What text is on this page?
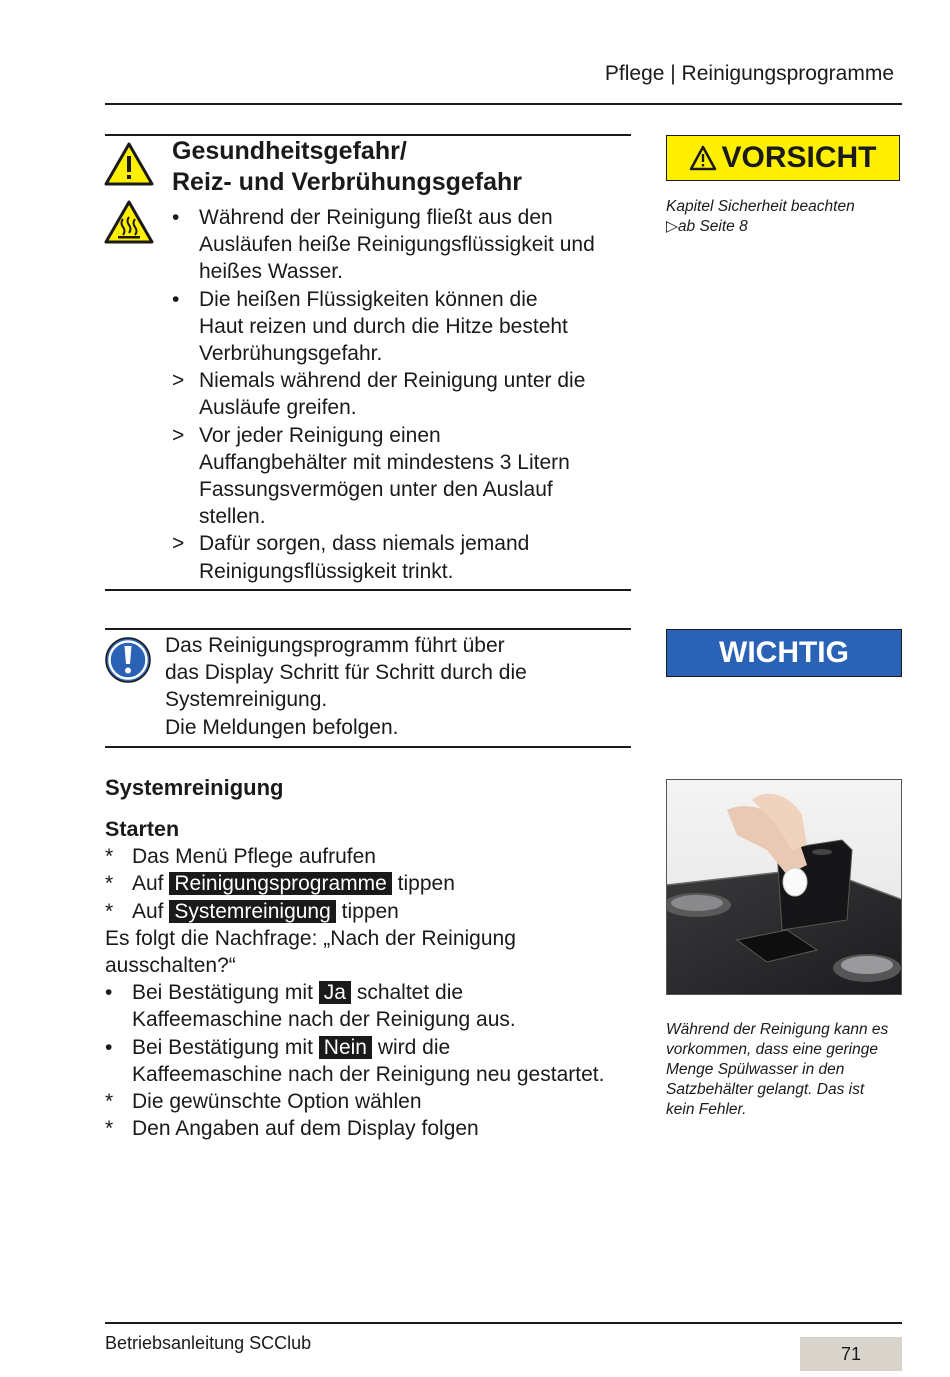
Pflege | Reinigungsprogramme
Gesundheitsgefahr/
Reiz- und Verbrühungsgefahr
• Während der Reinigung fließt aus den
Ausläufen heiße Reinigungsflüssigkeit und
heißes Wasser.
• Die heißen Flüssigkeiten können die
Haut reizen und durch die Hitze besteht
Verbrühungsgefahr.
> Niemals während der Reinigung unter die
Ausläufe greifen.
> Vor jeder Reinigung einen
Auffangbehälter mit mindestens 3 Litern
Fassungsvermögen unter den Auslauf
stellen.
> Dafür sorgen, dass niemals jemand
Reinigungsflüssigkeit trinkt.
VORSICHT
Kapitel Sicherheit beachten
▷ab Seite 8
Das Reinigungsprogramm führt über
das Display Schritt für Schritt durch die
Systemreinigung.
Die Meldungen befolgen.
WICHTIG
Systemreinigung
Starten
* Das Menü Pflege aufrufen
* Auf Reinigungsprogramme tippen
* Auf Systemreinigung tippen
Es folgt die Nachfrage: „Nach der Reinigung
ausschalten?“
• Bei Bestätigung mit Ja schaltet die
Kaffeemaschine nach der Reinigung aus.
• Bei Bestätigung mit Nein wird die
Kaffeemaschine nach der Reinigung neu gestartet.
* Die gewünschte Option wählen
* Den Angaben auf dem Display folgen
Während der Reinigung kann es
vorkommen, dass eine geringe
Menge Spülwasser in den
Satzbehälter gelangt. Das ist
kein Fehler.
Betriebsanleitung SCClub
71
